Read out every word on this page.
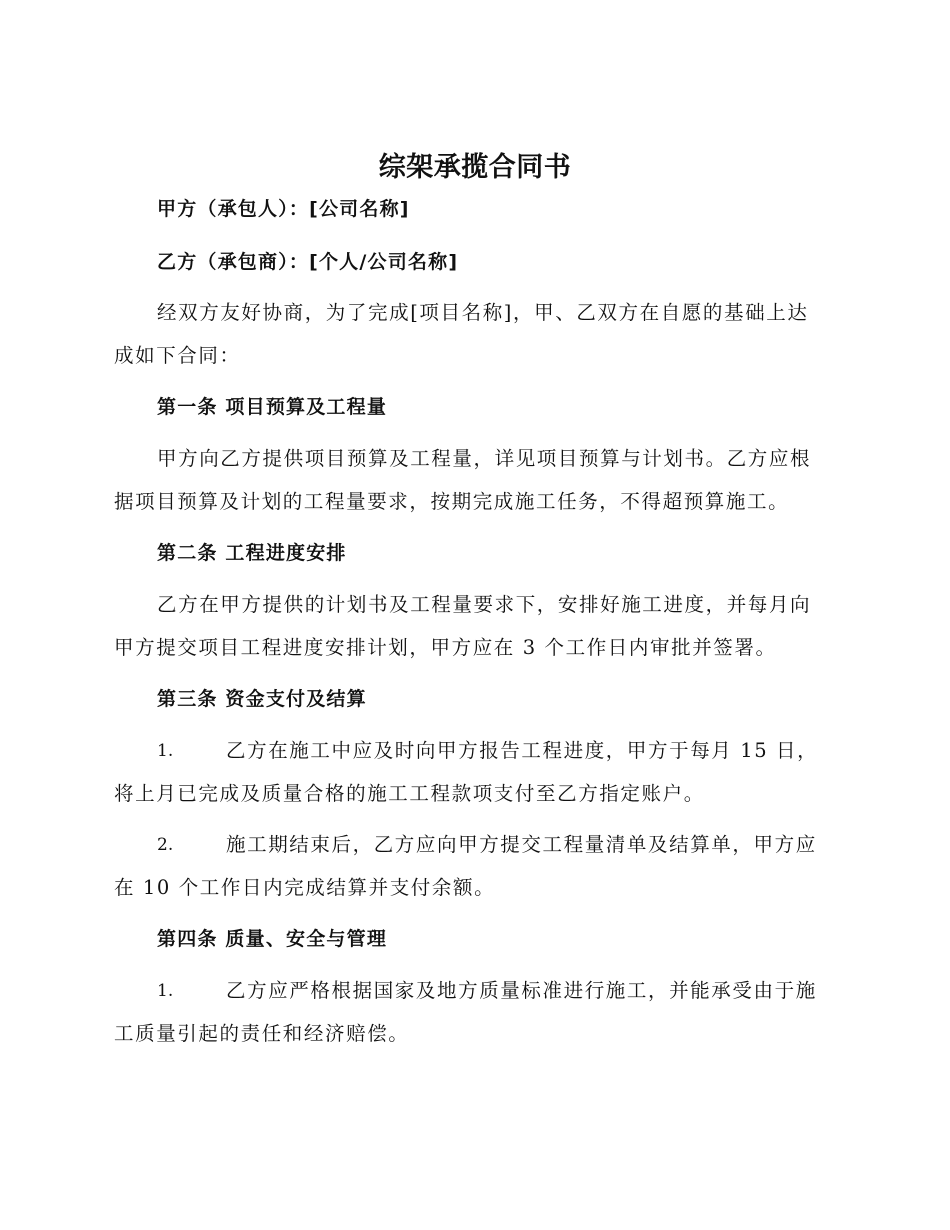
综架承揽合同书
甲方（承包人）：[公司名称]
乙方（承包商）：[个人/公司名称]
经双方友好协商，为了完成[项目名称]，甲、乙双方在自愿的基础上达
成如下合同：
第一条 项目预算及工程量
甲方向乙方提供项目预算及工程量，详见项目预算与计划书。乙方应根
据项目预算及计划的工程量要求，按期完成施工任务，不得超预算施工。
第二条 工程进度安排
乙方在甲方提供的计划书及工程量要求下，安排好施工进度，并每月向
甲方提交项目工程进度安排计划，甲方应在 3 个工作日内审批并签署。
第三条 资金支付及结算
1.	乙方在施工中应及时向甲方报告工程进度，甲方于每月 15 日，
将上月已完成及质量合格的施工工程款项支付至乙方指定账户。
2.	施工期结束后，乙方应向甲方提交工程量清单及结算单，甲方应
在 10 个工作日内完成结算并支付余额。
第四条 质量、安全与管理
1.	乙方应严格根据国家及地方质量标准进行施工，并能承受由于施
工质量引起的责任和经济赔偿。
